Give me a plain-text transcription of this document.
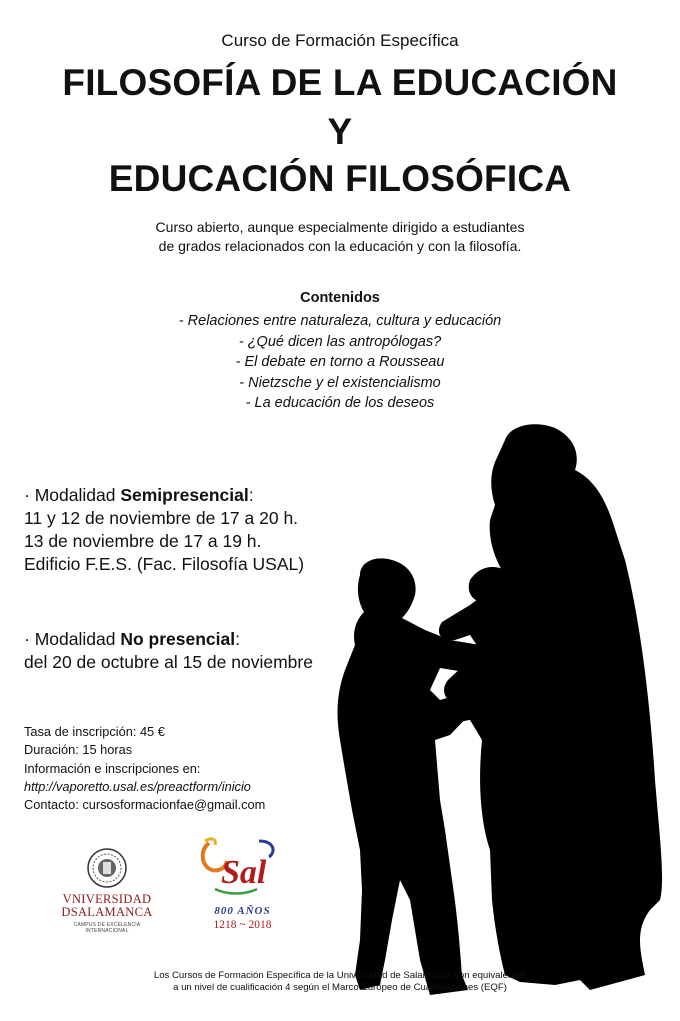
Curso de Formación Específica
FILOSOFÍA DE LA EDUCACIÓN
Y
EDUCACIÓN FILOSÓFICA
Curso abierto, aunque especialmente dirigido a estudiantes
de grados relacionados con la educación y con la filosofía.
Contenidos
- Relaciones entre naturaleza, cultura y educación
- ¿Qué dicen las antropólogas?
- El debate en torno a Rousseau
- Nietzsche y el existencialismo
- La educación de los deseos
· Modalidad Semipresencial:
11 y 12 de noviembre de 17 a 20 h.
13 de noviembre de 17 a 19 h.
Edificio F.E.S. (Fac. Filosofía USAL)
· Modalidad No presencial:
del 20 de octubre al 15 de noviembre
Tasa de inscripción: 45 €
Duración: 15 horas
Información e inscripciones en:
http://vaporetto.usal.es/preactform/inicio
Contacto: cursosformacionfae@gmail.com
VNIVERSIDAD
DSALAMANCA
CAMPUS DE EXCELENCIA INTERNACIONAL
Sal
800 AÑOS
1218 ~ 2018
Los Cursos de Formación Específica de la Universidad de Salamanca son equivalentes
a un nivel de cualificación 4 según el Marco Europeo de Cualificaciones (EQF)
